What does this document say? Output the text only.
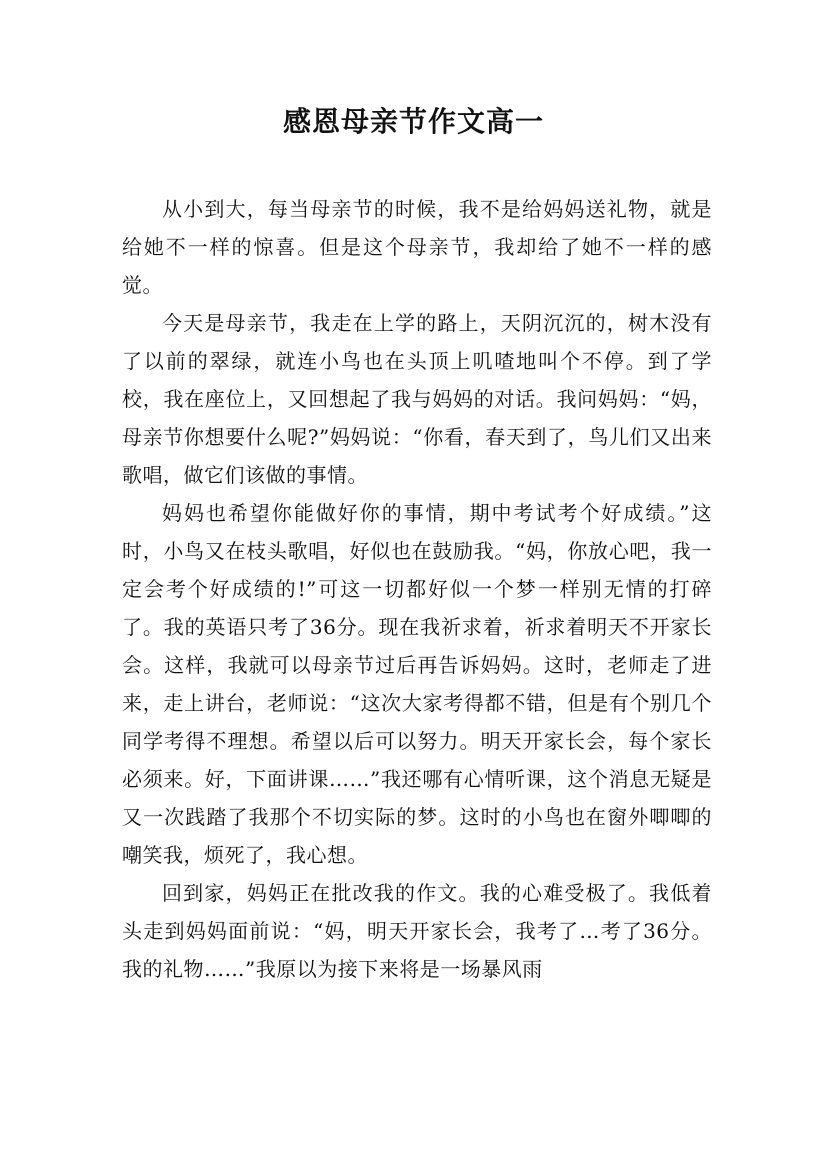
感恩母亲节作文高一

从小到大，每当母亲节的时候，我不是给妈妈送礼物，就是给她不一样的惊喜。但是这个母亲节，我却给了她不一样的感觉。

今天是母亲节，我走在上学的路上，天阴沉沉的，树木没有了以前的翠绿，就连小鸟也在头顶上叽喳地叫个不停。到了学校，我在座位上，又回想起了我与妈妈的对话。我问妈妈：“妈，母亲节你想要什么呢?”妈妈说：“你看，春天到了，鸟儿们又出来歌唱，做它们该做的事情。

妈妈也希望你能做好你的事情，期中考试考个好成绩。”这时，小鸟又在枝头歌唱，好似也在鼓励我。“妈，你放心吧，我一定会考个好成绩的!”可这一切都好似一个梦一样别无情的打碎了。我的英语只考了36分。现在我祈求着，祈求着明天不开家长会。这样，我就可以母亲节过后再告诉妈妈。这时，老师走了进来，走上讲台，老师说：“这次大家考得都不错，但是有个别几个同学考得不理想。希望以后可以努力。明天开家长会，每个家长必须来。好，下面讲课……”我还哪有心情听课，这个消息无疑是又一次践踏了我那个不切实际的梦。这时的小鸟也在窗外唧唧的嘲笑我，烦死了，我心想。

回到家，妈妈正在批改我的作文。我的心难受极了。我低着头走到妈妈面前说：“妈，明天开家长会，我考了…考了36分。我的礼物……”我原以为接下来将是一场暴风雨
